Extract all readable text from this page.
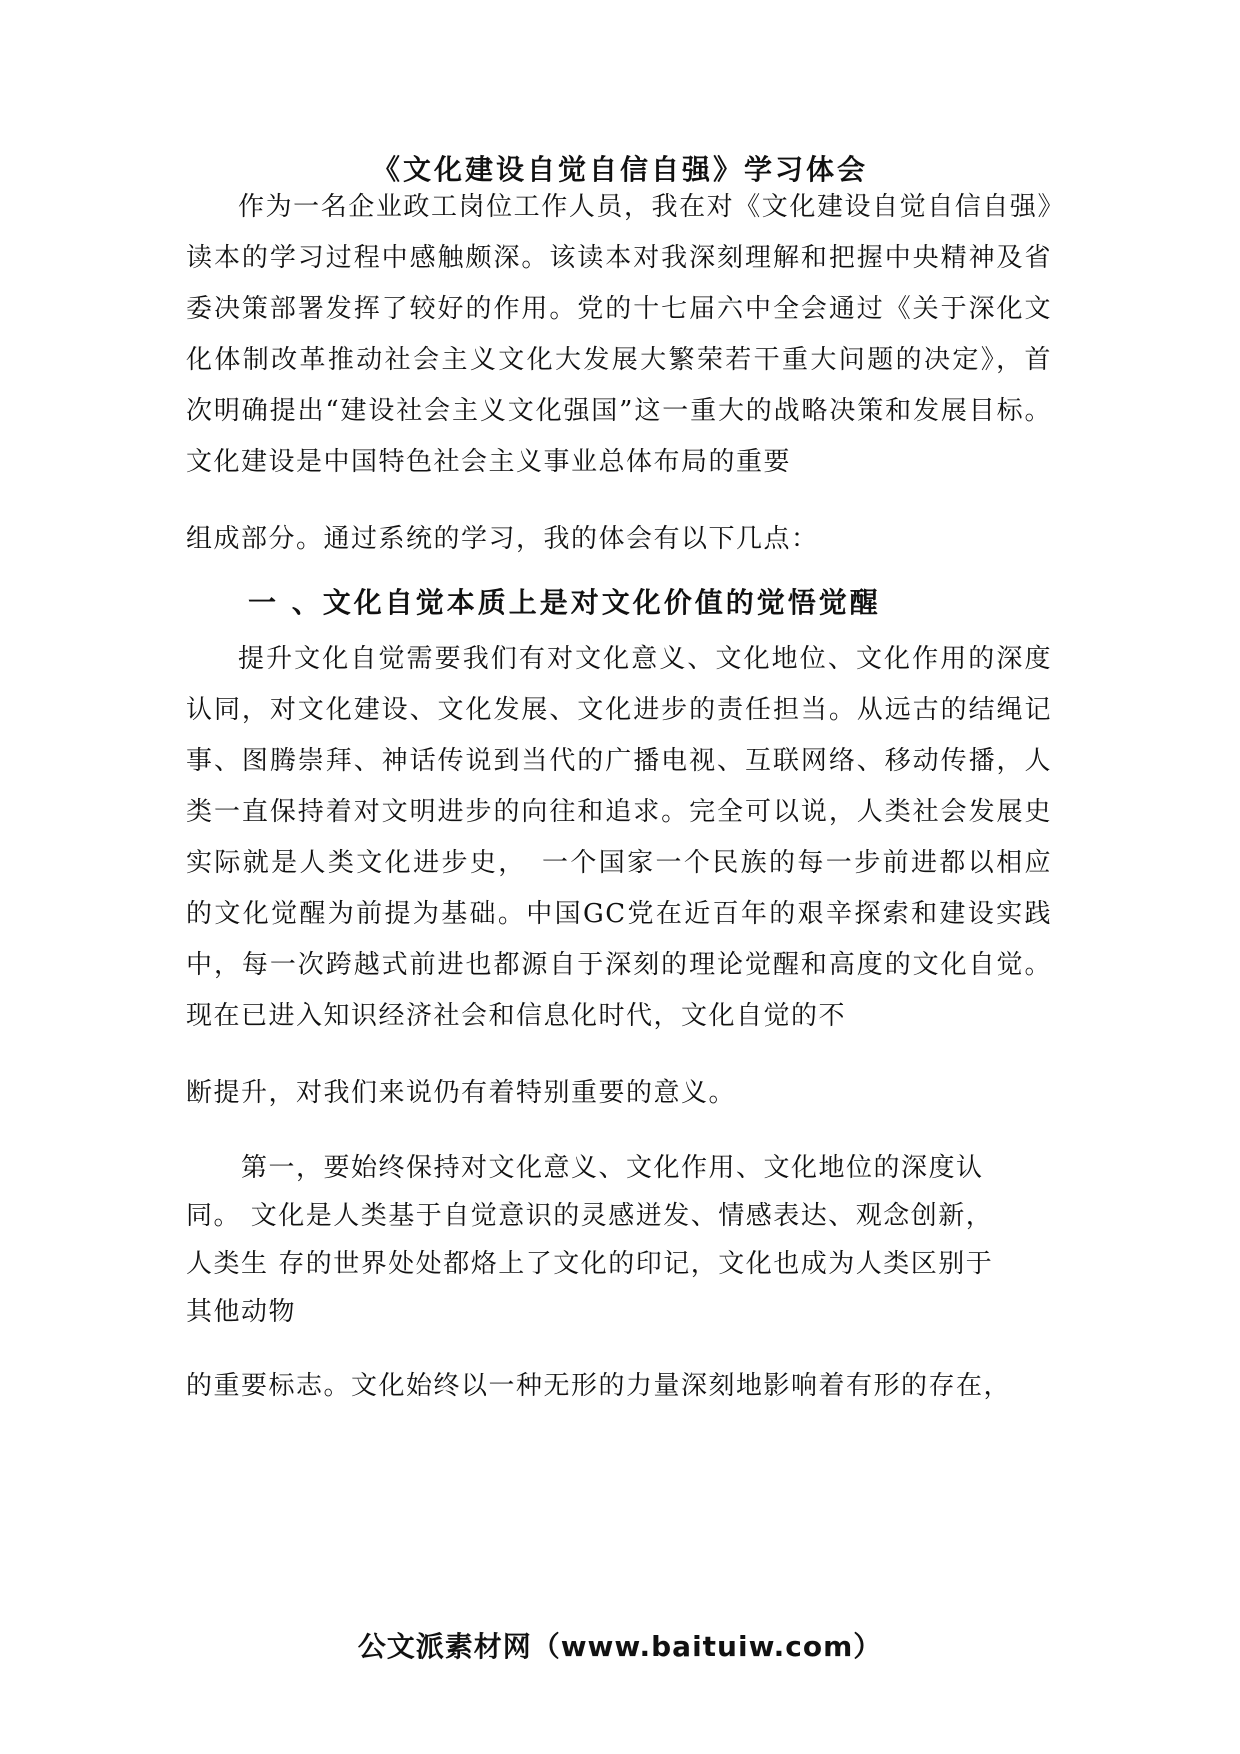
《文化建设自觉自信自强》学习体会

作为一名企业政工岗位工作人员，我在对《文化建设自觉自信自强》读本的学习过程中感触颇深。该读本对我深刻理解和把握中央精神及省委决策部署发挥了较好的作用。党的十七届六中全会通过《关于深化文化体制改革推动社会主义文化大发展大繁荣若干重大问题的决定》，首次明确提出“建设社会主义文化强国”这一重大的战略决策和发展目标。文化建设是中国特色社会主义事业总体布局的重要

组成部分。通过系统的学习，我的体会有以下几点：

一 、文化自觉本质上是对文化价值的觉悟觉醒

提升文化自觉需要我们有对文化意义、文化地位、文化作用的深度认同，对文化建设、文化发展、文化进步的责任担当。从远古的结绳记事、图腾崇拜、神话传说到当代的广播电视、互联网络、移动传播，人类一直保持着对文明进步的向往和追求。完全可以说，人类社会发展史实际就是人类文化进步史，　一个国家一个民族的每一步前进都以相应的文化觉醒为前提为基础。中国GC党在近百年的艰辛探索和建设实践中，每一次跨越式前进也都源自于深刻的理论觉醒和高度的文化自觉。现在已进入知识经济社会和信息化时代，文化自觉的不

断提升，对我们来说仍有着特别重要的意义。

　　第一，要始终保持对文化意义、文化作用、文化地位的深度认

同。 文化是人类基于自觉意识的灵感迸发、情感表达、观念创新，

人类生 存的世界处处都烙上了文化的印记，文化也成为人类区别于

其他动物

的重要标志。文化始终以一种无形的力量深刻地影响着有形的存在，

公文派素材网（www.baituiw.com）
